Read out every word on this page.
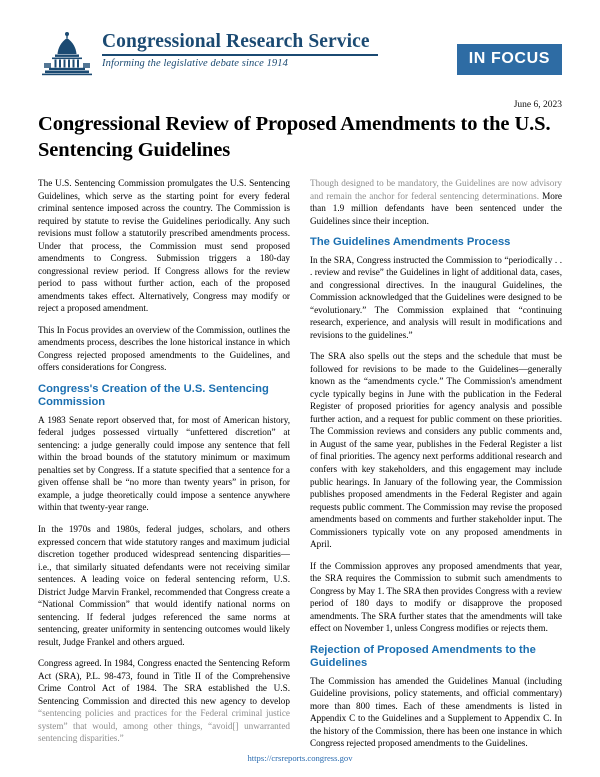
Congressional Research Service
Informing the legislative debate since 1914	IN FOCUS
June 6, 2023
Congressional Review of Proposed Amendments to the U.S. Sentencing Guidelines

The U.S. Sentencing Commission promulgates the U.S. Sentencing Guidelines, which serve as the starting point for every federal criminal sentence imposed across the country. The Commission is required by statute to revise the Guidelines periodically. Any such revisions must follow a statutorily prescribed amendments process. Under that process, the Commission must send proposed amendments to Congress. Submission triggers a 180-day congressional review period. If Congress allows for the review period to pass without further action, each of the proposed amendments takes effect. Alternatively, Congress may modify or reject a proposed amendment.

This In Focus provides an overview of the Commission, outlines the amendments process, describes the lone historical instance in which Congress rejected proposed amendments to the Guidelines, and offers considerations for Congress.

Congress's Creation of the U.S. Sentencing Commission

A 1983 Senate report observed that, for most of American history, federal judges possessed virtually “unfettered discretion” at sentencing: a judge generally could impose any sentence that fell within the broad bounds of the statutory minimum or maximum penalties set by Congress. If a statute specified that a sentence for a given offense shall be “no more than twenty years” in prison, for example, a judge theoretically could impose a sentence anywhere within that twenty-year range.

In the 1970s and 1980s, federal judges, scholars, and others expressed concern that wide statutory ranges and maximum judicial discretion together produced widespread sentencing disparities—i.e., that similarly situated defendants were not receiving similar sentences. A leading voice on federal sentencing reform, U.S. District Judge Marvin Frankel, recommended that Congress create a “National Commission” that would identify national norms on sentencing. If federal judges referenced the same norms at sentencing, greater uniformity in sentencing outcomes would likely result, Judge Frankel and others argued.

Congress agreed. In 1984, Congress enacted the Sentencing Reform Act (SRA), P.L. 98-473, found in Title II of the Comprehensive Crime Control Act of 1984. The SRA established the U.S. Sentencing Commission and directed this new agency to develop “sentencing policies and practices for the Federal criminal justice system” that would, among other things, “avoid[] unwarranted sentencing disparities.”

Though designed to be mandatory, the Guidelines are now advisory and remain the anchor for federal sentencing determinations. More than 1.9 million defendants have been sentenced under the Guidelines since their inception.

The Guidelines Amendments Process

In the SRA, Congress instructed the Commission to “periodically . . . review and revise” the Guidelines in light of additional data, cases, and congressional directives. In the inaugural Guidelines, the Commission acknowledged that the Guidelines were designed to be “evolutionary.” The Commission explained that “continuing research, experience, and analysis will result in modifications and revisions to the guidelines.”

The SRA also spells out the steps and the schedule that must be followed for revisions to be made to the Guidelines—generally known as the “amendments cycle.” The Commission's amendment cycle typically begins in June with the publication in the Federal Register of proposed priorities for agency analysis and possible further action, and a request for public comment on these priorities. The Commission reviews and considers any public comments and, in August of the same year, publishes in the Federal Register a list of final priorities. The agency next performs additional research and confers with key stakeholders, and this engagement may include public hearings. In January of the following year, the Commission publishes proposed amendments in the Federal Register and again requests public comment. The Commission may revise the proposed amendments based on comments and further stakeholder input. The Commissioners typically vote on any proposed amendments in April.

If the Commission approves any proposed amendments that year, the SRA requires the Commission to submit such amendments to Congress by May 1. The SRA then provides Congress with a review period of 180 days to modify or disapprove the proposed amendments. The SRA further states that the amendments will take effect on November 1, unless Congress modifies or rejects them.

Rejection of Proposed Amendments to the Guidelines

The Commission has amended the Guidelines Manual (including Guideline provisions, policy statements, and official commentary) more than 800 times. Each of these amendments is listed in Appendix C to the Guidelines and a Supplement to Appendix C. In the history of the Commission, there has been one instance in which Congress rejected proposed amendments to the Guidelines.

https://crsreports.congress.gov
